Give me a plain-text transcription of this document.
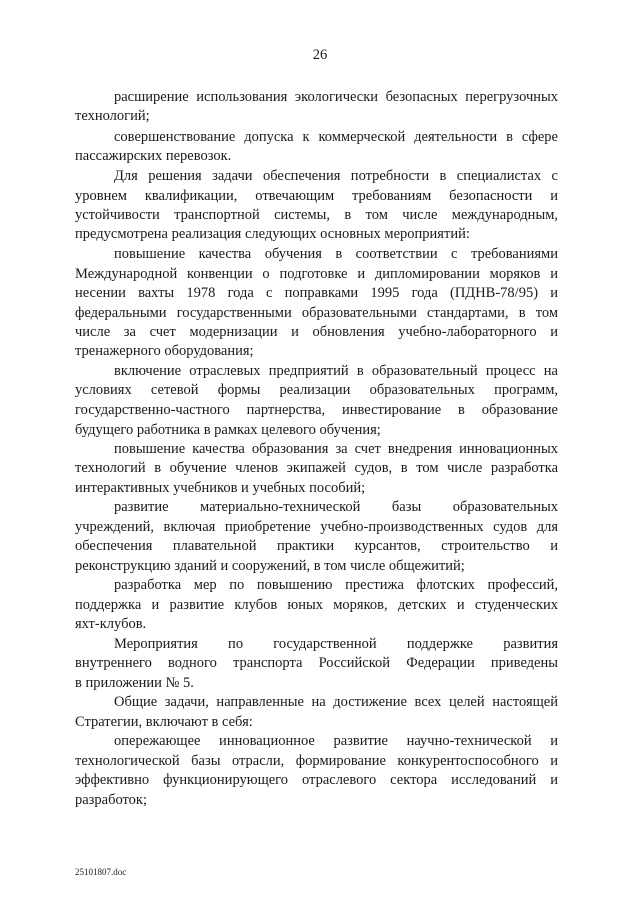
26
расширение использования экологически безопасных перегрузочных
технологий;
совершенствование допуска к коммерческой деятельности в сфере
пассажирских перевозок.
Для решения задачи обеспечения потребности в специалистах с
уровнем квалификации, отвечающим требованиям безопасности и
устойчивости транспортной системы, в том числе международным,
предусмотрена реализация следующих основных мероприятий:
повышение качества обучения в соответствии с требованиями
Международной конвенции о подготовке и дипломировании моряков и
несении вахты 1978 года с поправками 1995 года (ПДНВ-78/95) и
федеральными государственными образовательными стандартами, в том
числе за счет модернизации и обновления учебно-лабораторного и
тренажерного оборудования;
включение отраслевых предприятий в образовательный процесс на
условиях сетевой формы реализации образовательных программ,
государственно-частного партнерства, инвестирование в образование
будущего работника в рамках целевого обучения;
повышение качества образования за счет внедрения инновационных
технологий в обучение членов экипажей судов, в том числе разработка
интерактивных учебников и учебных пособий;
развитие материально-технической базы образовательных
учреждений, включая приобретение учебно-производственных судов для
обеспечения плавательной практики курсантов, строительство и
реконструкцию зданий и сооружений, в том числе общежитий;
разработка мер по повышению престижа флотских профессий,
поддержка и развитие клубов юных моряков, детских и студенческих
яхт-клубов.
Мероприятия по государственной поддержке развития
внутреннего водного транспорта Российской Федерации приведены
в приложении № 5.
Общие задачи, направленные на достижение всех целей настоящей
Стратегии, включают в себя:
опережающее инновационное развитие научно-технической и
технологической базы отрасли, формирование конкурентоспособного и
эффективно функционирующего отраслевого сектора исследований и
разработок;
25101807.doc
